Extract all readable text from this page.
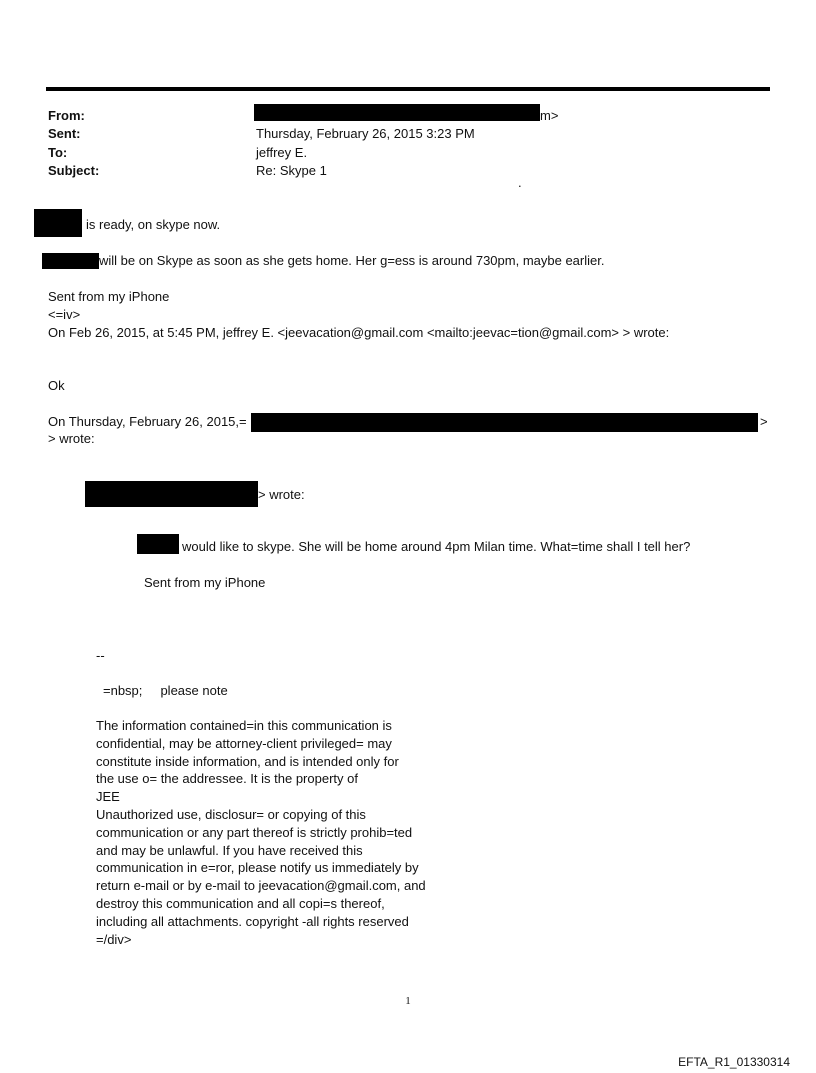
From:	m>
Sent:	Thursday, February 26, 2015 3:23 PM
To:	jeffrey E.
Subject:	Re: Skype 1
.
is ready, on skype now.
will be on Skype as soon as she gets home. Her g=ess is around 730pm, maybe earlier.
Sent from my iPhone
<=iv>
On Feb 26, 2015, at 5:45 PM, jeffrey E. <jeevacation@gmail.com <mailto:jeevac=tion@gmail.com> > wrote:
Ok
On Thursday, February 26, 2015,=	>
> wrote:
> wrote:
would like to skype. She will be home around 4pm Milan time. What=time shall I tell her?
Sent from my iPhone
--
=nbsp;     please note
The information contained=in this communication is
confidential, may be attorney-client privileged= may
constitute inside information, and is intended only for
the use o= the addressee. It is the property of
JEE
Unauthorized use, disclosur= or copying of this
communication or any part thereof is strictly prohib=ted
and may be unlawful. If you have received this
communication in e=ror, please notify us immediately by
return e-mail or by e-mail to jeevacation@gmail.com, and
destroy this communication and all copi=s thereof,
including all attachments. copyright -all rights reserved
=/div>
1
EFTA_R1_01330314
